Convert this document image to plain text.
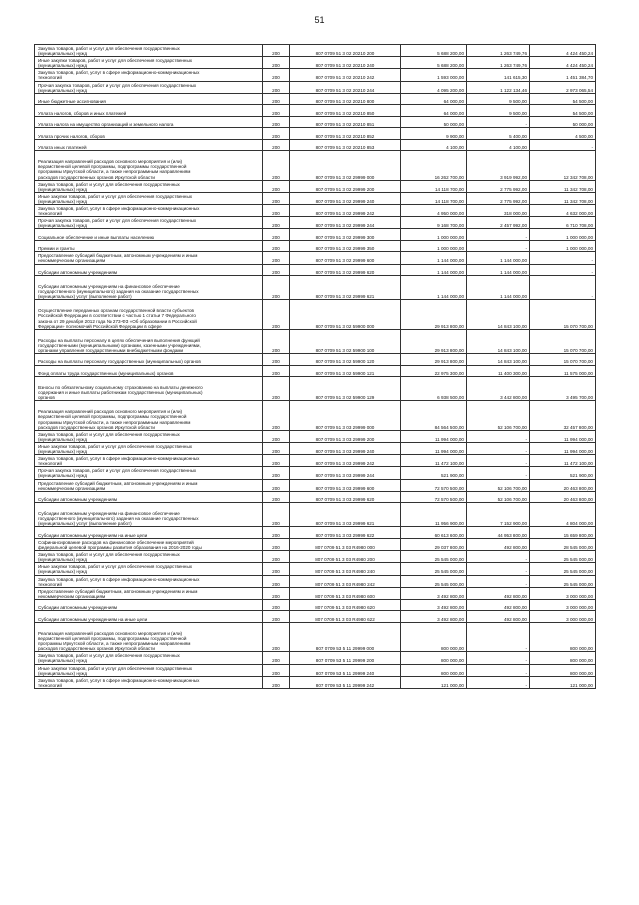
51
Закупка товаров, работ и услуг для обеспечения государственных
(муниципальных) нужд	200	807 0709 51 3 02 20210 200	5 688 200,00	1 263 749,76	4 424 450,24

Иные закупки товаров, работ и услуг для обеспечения государственных
(муниципальных) нужд	200	807 0709 51 3 02 20210 240	5 688 200,00	1 263 749,76	4 424 450,24

Закупка товаров, работ, услуг в сфере информационно-коммуникационных
технологий	200	807 0709 51 3 02 20210 242	1 593 000,00	141 615,30	1 451 384,70

Прочая закупка товаров, работ и услуг для обеспечения государственных
(муниципальных) нужд	200	807 0709 51 3 02 20210 244	4 095 200,00	1 122 134,46	2 973 065,54

Иные бюджетные ассигнования	200	807 0709 51 3 02 20210 800	64 000,00	9 500,00	54 500,00

Уплата налогов, сборов и иных платежей	200	807 0709 51 3 02 20210 850	64 000,00	9 500,00	54 500,00

Уплата налога на имущество организаций и земельного налога	200	807 0709 51 3 02 20210 851	50 000,00	-	50 000,00

Уплата прочих налогов, сборов	200	807 0709 51 3 02 20210 852	9 900,00	5 400,00	4 500,00

Уплата иных платежей	200	807 0709 51 3 02 20210 853	4 100,00	4 100,00	-

Реализация направлений расходов основного мероприятия и (или)
ведомственной целевой программы, подпрограммы государственной
программы Иркутской области, а также непрограммным направлениям
расходов государственных органов Иркутской области	200	807 0709 51 3 02 29999 000	16 262 700,00	3 919 992,00	12 342 708,00

Закупка товаров, работ и услуг для обеспечения государственных
(муниципальных) нужд	200	807 0709 51 3 02 29999 200	14 118 700,00	2 775 992,00	11 342 708,00

Иные закупки товаров, работ и услуг для обеспечения государственных
(муниципальных) нужд	200	807 0709 51 3 02 29999 240	14 118 700,00	2 775 992,00	11 342 708,00

Закупка товаров, работ, услуг в сфере информационно-коммуникационных
технологий	200	807 0709 51 3 02 29999 242	4 950 000,00	318 000,00	4 632 000,00

Прочая закупка товаров, работ и услуг для обеспечения государственных
(муниципальных) нужд	200	807 0709 51 3 02 29999 244	9 168 700,00	2 457 992,00	6 710 708,00

Социальное обеспечение и иные выплаты населению	200	807 0709 51 3 02 29999 300	1 000 000,00	-	1 000 000,00

Премии и гранты	200	807 0709 51 3 02 29999 350	1 000 000,00	-	1 000 000,00

Предоставление субсидий бюджетным, автономным учреждениям и иным
некоммерческим организациям	200	807 0709 51 3 02 29999 600	1 144 000,00	1 144 000,00	-

Субсидии автономным учреждениям	200	807 0709 51 3 02 29999 620	1 144 000,00	1 144 000,00	-

Субсидии автономным учреждениям на финансовое обеспечение
государственного (муниципального) задания на оказание государственных
(муниципальных) услуг (выполнение работ)	200	807 0709 51 3 02 29999 621	1 144 000,00	1 144 000,00	-

Осуществление переданных органам государственной власти субъектов
Российской Федерации в соответствии с частью 1 статьи 7 Федерального
закона от 29 декабря 2012 года № 273-ФЗ «Об образовании в Российской
Федерации» полномочий Российской Федерации в сфере	200	807 0709 51 3 02 59900 000	29 913 800,00	14 843 100,00	15 070 700,00

Расходы на выплаты персоналу в целях обеспечения выполнения функций
государственными (муниципальными) органами, казенными учреждениями,
органами управления государственными внебюджетными фондами	200	807 0709 51 3 02 59900 100	29 913 800,00	14 843 100,00	15 070 700,00

Расходы на выплаты персоналу государственных (муниципальных) органов	200	807 0709 51 3 02 59900 120	29 913 800,00	14 843 100,00	15 070 700,00

Фонд оплаты труда государственных (муниципальных) органов	200	807 0709 51 3 02 59900 121	22 975 300,00	11 400 300,00	11 575 000,00

Взносы по обязательному социальному страхованию на выплаты денежного
содержания и иные выплаты работникам государственных (муниципальных)
органов	200	807 0709 51 3 02 59900 129	6 938 500,00	3 442 800,00	3 495 700,00

Реализация направлений расходов основного мероприятия и (или)
ведомственной целевой программы, подпрограммы государственной
программы Иркутской области, а также непрограммным направлениям
расходов государственных органов Иркутской области	200	807 0709 51 3 03 29999 000	84 564 500,00	52 106 700,00	32 457 800,00

Закупка товаров, работ и услуг для обеспечения государственных
(муниципальных) нужд	200	807 0709 51 3 03 29999 200	11 994 000,00	-	11 994 000,00

Иные закупки товаров, работ и услуг для обеспечения государственных
(муниципальных) нужд	200	807 0709 51 3 03 29999 240	11 994 000,00	-	11 994 000,00

Закупка товаров, работ, услуг в сфере информационно-коммуникационных
технологий	200	807 0709 51 3 03 29999 242	11 472 100,00	-	11 472 100,00

Прочая закупка товаров, работ и услуг для обеспечения государственных
(муниципальных) нужд	200	807 0709 51 3 03 29999 244	521 900,00	-	521 900,00

Предоставление субсидий бюджетным, автономным учреждениям и иным
некоммерческим организациям	200	807 0709 51 3 03 29999 600	72 570 500,00	52 106 700,00	20 463 800,00

Субсидии автономным учреждениям	200	807 0709 51 3 03 29999 620	72 570 500,00	52 106 700,00	20 463 800,00

Субсидии автономным учреждениям на финансовое обеспечение
государственного (муниципального) задания на оказание государственных
(муниципальных) услуг (выполнение работ)	200	807 0709 51 3 03 29999 621	11 956 900,00	7 152 900,00	4 804 000,00

Субсидии автономным учреждениям на иные цели	200	807 0709 51 3 03 29999 622	60 613 600,00	44 953 800,00	15 659 800,00

Софинансирование расходов на финансовое обеспечение мероприятий
федеральной целевой программы развития образования на 2016-2020 годы	200	807 0709 51 3 03 R4980 000	29 037 800,00	492 800,00	28 545 000,00

Закупка товаров, работ и услуг для обеспечения государственных
(муниципальных) нужд	200	807 0709 51 3 03 R4980 200	25 545 000,00	-	25 545 000,00

Иные закупки товаров, работ и услуг для обеспечения государственных
(муниципальных) нужд	200	807 0709 51 3 03 R4980 240	25 545 000,00	-	25 545 000,00

Закупка товаров, работ, услуг в сфере информационно-коммуникационных
технологий	200	807 0709 51 3 03 R4980 242	25 545 000,00	-	25 545 000,00

Предоставление субсидий бюджетным, автономным учреждениям и иным
некоммерческим организациям	200	807 0709 51 3 03 R4980 600	3 492 800,00	492 800,00	3 000 000,00

Субсидии автономным учреждениям	200	807 0709 51 3 03 R4980 620	3 492 800,00	492 800,00	3 000 000,00

Субсидии автономным учреждениям на иные цели	200	807 0709 51 3 03 R4980 622	3 492 800,00	492 800,00	3 000 000,00

Реализация направлений расходов основного мероприятия и (или)
ведомственной целевой программы, подпрограммы государственной
программы Иркутской области, а также непрограммным направлениям
расходов государственных органов Иркутской области	200	807 0709 53 5 11 29999 000	800 000,00	-	800 000,00

Закупка товаров, работ и услуг для обеспечения государственных
(муниципальных) нужд	200	807 0709 53 5 11 29999 200	800 000,00	-	800 000,00

Иные закупки товаров, работ и услуг для обеспечения государственных
(муниципальных) нужд	200	807 0709 53 5 11 29999 240	800 000,00	-	800 000,00

Закупка товаров, работ, услуг в сфере информационно-коммуникационных
технологий	200	807 0709 53 5 11 29999 242	121 000,00	-	121 000,00
